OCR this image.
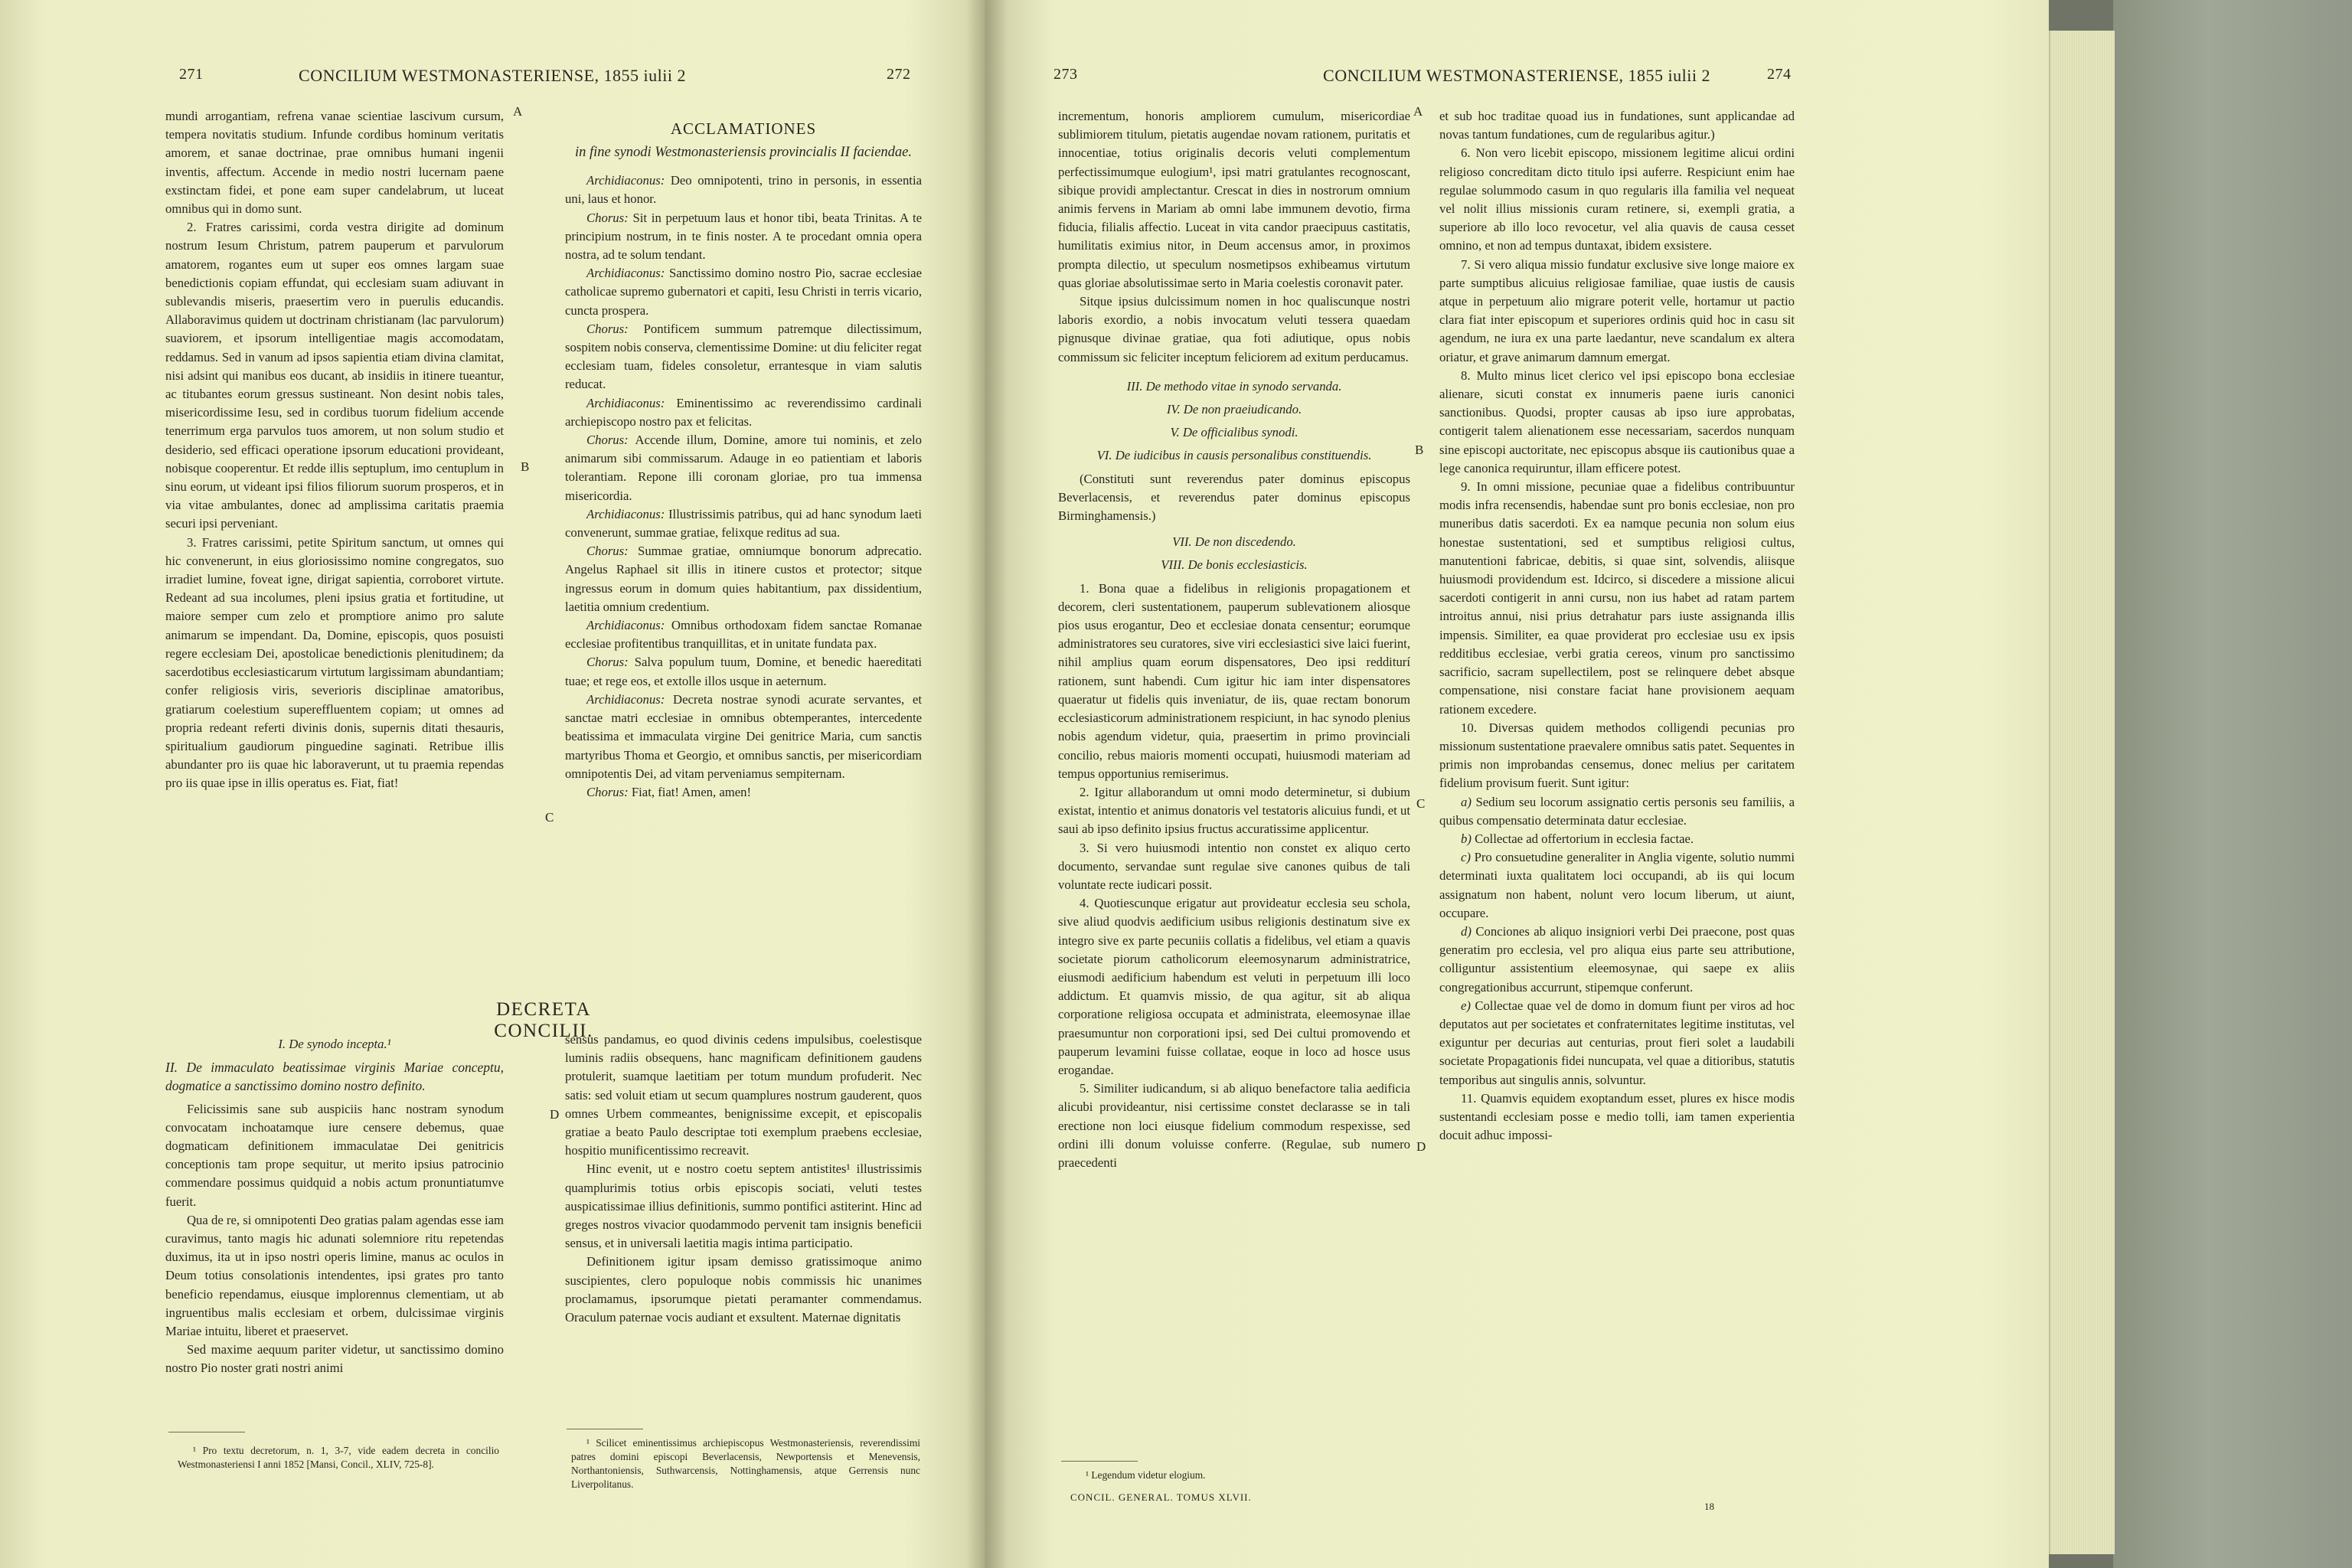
271	CONCILIUM WESTMONASTERIENSE, 1855 iulii 2	272

mundi arrogantiam, refrena vanae scientiae lascivum cursum, tempera novitatis studium. Infunde cordibus hominum veritatis amorem, et sanae doctrinae, prae omnibus humani ingenii inventis, affectum. Accende in medio nostri lucernam paene exstinctam fidei, et pone eam super candelabrum, ut luceat omnibus qui in domo sunt.

2. Fratres carissimi, corda vestra dirigite ad dominum nostrum Iesum Christum, patrem pauperum et parvulorum amatorem, rogantes eum ut super eos omnes largam suae benedictionis copiam effundat, qui ecclesiam suam adiuvant in sublevandis miseris, praesertim vero in puerulis educandis. Allaboravimus quidem ut doctrinam christianam (lac parvulorum) suaviorem, et ipsorum intelligentiae magis accomodatam, reddamus. Sed in vanum ad ipsos sapientia etiam divina clamitat, nisi adsint qui manibus eos ducant, ab insidiis in itinere tueantur, ac titubantes eorum gressus sustineant. Non desint nobis tales, misericordissime Iesu, sed in cordibus tuorum fidelium accende tenerrimum erga parvulos tuos amorem, ut non solum studio et desiderio, sed efficaci operatione ipsorum educationi provideant, nobisque cooperentur. Et redde illis septuplum, imo centuplum in sinu eorum, ut videant ipsi filios filiorum suorum prosperos, et in via vitae ambulantes, donec ad amplissima caritatis praemia securi ipsi perveniant.

3. Fratres carissimi, petite Spiritum sanctum, ut omnes qui hic convenerunt, in eius gloriosissimo nomine congregatos, suo irradiet lumine, foveat igne, dirigat sapientia, corroboret virtute. Redeant ad sua incolumes, pleni ipsius gratia et fortitudine, ut maiore semper cum zelo et promptiore animo pro salute animarum se impendant. Da, Domine, episcopis, quos posuisti regere ecclesiam Dei, apostolicae benedictionis plenitudinem; da sacerdotibus ecclesiasticarum virtutum largissimam abundantiam; confer religiosis viris, severioris disciplinae amatoribus, gratiarum coelestium supereffluentem copiam; ut omnes ad propria redeant referti divinis donis, supernis ditati thesauris, spiritualium gaudiorum pinguedine saginati. Retribue illis abundanter pro iis quae hic laboraverunt, ut tu praemia rependas pro iis quae ipse in illis operatus es. Fiat, fiat!

ACCLAMATIONES

in fine synodi Westmonasteriensis provincialis II faciendae.

Archidiaconus: Deo omnipotenti, trino in personis, in essentia uni, laus et honor.

Chorus: Sit in perpetuum laus et honor tibi, beata Trinitas. A te principium nostrum, in te finis noster. A te procedant omnia opera nostra, ad te solum tendant.

Archidiaconus: Sanctissimo domino nostro Pio, sacrae ecclesiae catholicae supremo gubernatori et capiti, Iesu Christi in terris vicario, cuncta prospera.

Chorus: Pontificem summum patremque dilectissimum, sospitem nobis conserva, clementissime Domine: ut diu feliciter regat ecclesiam tuam, fideles consoletur, errantesque in viam salutis reducat.

Archidiaconus: Eminentissimo ac reverendissimo cardinali archiepiscopo nostro pax et felicitas.

Chorus: Accende illum, Domine, amore tui nominis, et zelo animarum sibi commissarum. Adauge in eo patientiam et laboris tolerantiam. Repone illi coronam gloriae, pro tua immensa misericordia.

Archidiaconus: Illustrissimis patribus, qui ad hanc synodum laeti convenerunt, summae gratiae, felixque reditus ad sua.

Chorus: Summae gratiae, omniumque bonorum adprecatio. Angelus Raphael sit illis in itinere custos et protector; sitque ingressus eorum in domum quies habitantium, pax dissidentium, laetitia omnium credentium.

Archidiaconus: Omnibus orthodoxam fidem sanctae Romanae ecclesiae profitentibus tranquillitas, et in unitate fundata pax.

Chorus: Salva populum tuum, Domine, et benedic haereditati tuae; et rege eos, et extolle illos usque in aeternum.

Archidiaconus: Decreta nostrae synodi acurate servantes, et sanctae matri ecclesiae in omnibus obtemperantes, intercedente beatissima et immaculata virgine Dei genitrice Maria, cum sanctis martyribus Thoma et Georgio, et omnibus sanctis, per misericordiam omnipotentis Dei, ad vitam perveniamus sempiternam.

Chorus: Fiat, fiat! Amen, amen!

DECRETA CONCILII.

I. De synodo incepta.¹

II. De immaculato beatissimae virginis Mariae conceptu, dogmatice a sanctissimo domino nostro definito.

Felicissimis sane sub auspiciis hanc nostram synodum convocatam inchoatamque iure censere debemus, quae dogmaticam definitionem immaculatae Dei genitricis conceptionis tam prope sequitur, ut merito ipsius patrocinio commendare possimus quidquid a nobis actum pronuntiatumve fuerit.

Qua de re, si omnipotenti Deo gratias palam agendas esse iam curavimus, tanto magis hic adunati solemniore ritu repetendas duximus, ita ut in ipso nostri operis limine, manus ac oculos in Deum totius consolationis intendentes, ipsi grates pro tanto beneficio rependamus, eiusque implorennus clementiam, ut ab ingruentibus malis ecclesiam et orbem, dulcissimae virginis Mariae intuitu, liberet et praeservet.

Sed maxime aequum pariter videtur, ut sanctissimo domino nostro Pio noster grati nostri animi

sensus pandamus, eo quod divinis cedens impulsibus, coelestisque luminis radiis obsequens, hanc magnificam definitionem gaudens protulerit, suamque laetitiam per totum mundum profuderit. Nec satis: sed voluit etiam ut secum quamplures nostrum gauderent, quos omnes Urbem commeantes, benignissime excepit, et episcopalis gratiae a beato Paulo descriptae toti exemplum praebens ecclesiae, hospitio munificentissimo recreavit.

Hinc evenit, ut e nostro coetu septem antistites¹ illustrissimis quamplurimis totius orbis episcopis sociati, veluti testes auspicatissimae illius definitionis, summo pontifici astiterint. Hinc ad greges nostros vivacior quodammodo pervenit tam insignis beneficii sensus, et in universali laetitia magis intima participatio.

Definitionem igitur ipsam demisso gratissimoque animo suscipientes, clero populoque nobis commissis hic unanimes proclamamus, ipsorumque pietati peramanter commendamus. Oraculum paternae vocis audiant et exsultent. Maternae dignitatis

¹ Pro textu decretorum, n. 1, 3-7, vide eadem decreta in concilio Westmonasteriensi I anni 1852 [Mansi, Concil., XLIV, 725-8].

¹ Scilicet eminentissimus archiepiscopus Westmonasteriensis, reverendissimi patres domini episcopi Beverlacensis, Newportensis et Menevensis, Northantoniensis, Suthwarcensis, Nottinghamensis, atque Gerrensis nunc Liverpolitanus.

A
B
C
D
273	CONCILIUM WESTMONASTERIENSE, 1855 iulii 2	274

incrementum, honoris ampliorem cumulum, misericordiae sublimiorem titulum, pietatis augendae novam rationem, puritatis et innocentiae, totius originalis decoris veluti complementum perfectissimumque eulogium¹, ipsi matri gratulantes recognoscant, sibique providi amplectantur. Crescat in dies in nostrorum omnium animis fervens in Mariam ab omni labe immunem devotio, firma fiducia, filialis affectio. Luceat in vita candor praecipuus castitatis, humilitatis eximius nitor, in Deum accensus amor, in proximos prompta dilectio, ut speculum nosmetipsos exhibeamus virtutum quas gloriae absolutissimae serto in Maria coelestis coronavit pater.

Sitque ipsius dulcissimum nomen in hoc qualiscunque nostri laboris exordio, a nobis invocatum veluti tessera quaedam pignusque divinae gratiae, qua foti adiutique, opus nobis commissum sic feliciter inceptum feliciorem ad exitum perducamus.

III. De methodo vitae in synodo servanda.

IV. De non praeiudicando.

V. De officialibus synodi.

VI. De iudicibus in causis personalibus constituendis.

(Constituti sunt reverendus pater dominus episcopus Beverlacensis, et reverendus pater dominus episcopus Birminghamensis.)

VII. De non discedendo.

VIII. De bonis ecclesiasticis.

1. Bona quae a fidelibus in religionis propagationem et decorem, cleri sustentationem, pauperum sublevationem aliosque pios usus erogantur, Deo et ecclesiae donata censentur; eorumque administratores seu curatores, sive viri ecclesiastici sive laici fuerint, nihil amplius quam eorum dispensatores, Deo ipsi redditurí rationem, sunt habendi. Cum igitur hic iam inter dispensatores quaeratur ut fidelis quis inveniatur, de iis, quae rectam bonorum ecclesiasticorum administrationem respiciunt, in hac synodo plenius nobis agendum videtur, quia, praesertim in primo provinciali concilio, rebus maioris momenti occupati, huiusmodi materiam ad tempus opportunius remiserimus.

2. Igitur allaborandum ut omni modo determinetur, si dubium existat, intentio et animus donatoris vel testatoris alicuius fundi, et ut saui ab ipso definito ipsius fructus accuratissime applicentur.

3. Si vero huiusmodi intentio non constet ex aliquo certo documento, servandae sunt regulae sive canones quibus de tali voluntate recte iudicari possit.

4. Quotiescunque erigatur aut provideatur ecclesia seu schola, sive aliud quodvis aedificium usibus religionis destinatum sive ex integro sive ex parte pecuniis collatis a fidelibus, vel etiam a quavis societate piorum catholicorum eleemosynarum administratrice, eiusmodi aedificium habendum est veluti in perpetuum illi loco addictum. Et quamvis missio, de qua agitur, sit ab aliqua corporatione religiosa occupata et administrata, eleemosynae illae praesumuntur non corporationi ipsi, sed Dei cultui promovendo et pauperum levamini fuisse collatae, eoque in loco ad hosce usus erogandae.

5. Similiter iudicandum, si ab aliquo benefactore talia aedificia alicubi provideantur, nisi certissime constet declarasse se in tali erectione non loci eiusque fidelium commodum respexisse, sed ordini illi donum voluisse conferre. (Regulae, sub numero praecedenti

et sub hoc traditae quoad ius in fundationes, sunt applicandae ad novas tantum fundationes, cum de regularibus agitur.)

6. Non vero licebit episcopo, missionem legitime alicui ordini religioso concreditam dicto titulo ipsi auferre. Respiciunt enim hae regulae solummodo casum in quo regularis illa familia vel nequeat vel nolit illius missionis curam retinere, si, exempli gratia, a superiore ab illo loco revocetur, vel alia quavis de causa cesset omnino, et non ad tempus duntaxat, ibidem exsistere.

7. Si vero aliqua missio fundatur exclusive sive longe maiore ex parte sumptibus alicuius religiosae familiae, quae iustis de causis atque in perpetuum alio migrare poterit velle, hortamur ut pactio clara fiat inter episcopum et superiores ordinis quid hoc in casu sit agendum, ne iura ex una parte laedantur, neve scandalum ex altera oriatur, et grave animarum damnum emergat.

8. Multo minus licet clerico vel ipsi episcopo bona ecclesiae alienare, sicuti constat ex innumeris paene iuris canonici sanctionibus. Quodsi, propter causas ab ipso iure approbatas, contigerit talem alienationem esse necessariam, sacerdos nunquam sine episcopi auctoritate, nec episcopus absque iis cautionibus quae a lege canonica requiruntur, illam efficere potest.

9. In omni missione, pecuniae quae a fidelibus contribuuntur modis infra recensendis, habendae sunt pro bonis ecclesiae, non pro muneribus datis sacerdoti. Ex ea namque pecunia non solum eius honestae sustentationi, sed et sumptibus religiosi cultus, manutentioni fabricae, debitis, si quae sint, solvendis, aliisque huiusmodi providendum est. Idcirco, si discedere a missione alicui sacerdoti contigerit in anni cursu, non ius habet ad ratam partem introitus annui, nisi prius detrahatur pars iuste assignanda illis impensis. Similiter, ea quae providerat pro ecclesiae usu ex ipsis redditibus ecclesiae, verbi gratia cereos, vinum pro sanctissimo sacrificio, sacram supellectilem, post se relinquere debet absque compensatione, nisi constare faciat hane provisionem aequam rationem excedere.

10. Diversas quidem methodos colligendi pecunias pro missionum sustentatione praevalere omnibus satis patet. Sequentes in primis non improbandas censemus, donec melius per caritatem fidelium provisum fuerit. Sunt igitur:

a) Sedium seu locorum assignatio certis personis seu familiis, a quibus compensatio determinata datur ecclesiae.

b) Collectae ad offertorium in ecclesia factae.

c) Pro consuetudine generaliter in Anglia vigente, solutio nummi determinati iuxta qualitatem loci occupandi, ab iis qui locum assignatum non habent, nolunt vero locum liberum, ut aiunt, occupare.

d) Conciones ab aliquo insigniori verbi Dei praecone, post quas generatim pro ecclesia, vel pro aliqua eius parte seu attributione, colliguntur assistentium eleemosynae, qui saepe ex aliis congregationibus accurrunt, stipemque conferunt.

e) Collectae quae vel de domo in domum fiunt per viros ad hoc deputatos aut per societates et confraternitates legitime institutas, vel exiguntur per decurias aut centurias, prout fieri solet a laudabili societate Propagationis fidei nuncupata, vel quae a ditioribus, statutis temporibus aut singulis annis, solvuntur.

11. Quamvis equidem exoptandum esset, plures ex hisce modis sustentandi ecclesiam posse e medio tolli, iam tamen experientia docuit adhuc impossi-

¹ Legendum videtur elogium.

CONCIL. GENERAL. TOMUS XLVII.
18
A
B
C
D
